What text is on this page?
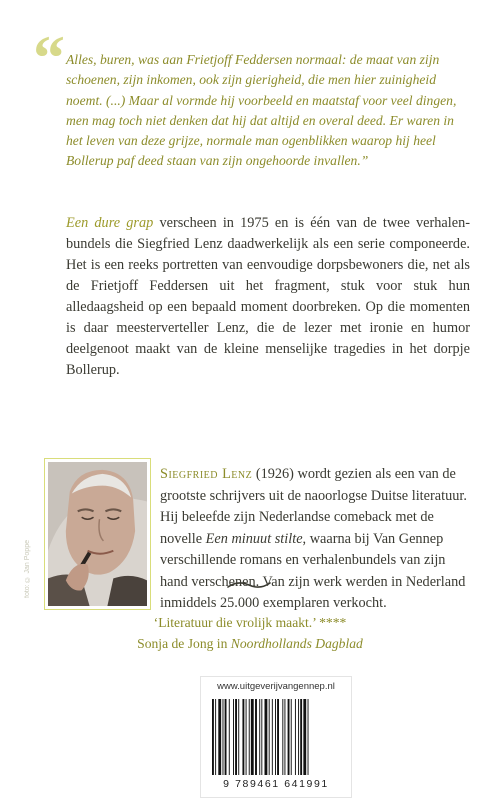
“ Alles, buren, was aan Frietjoff Feddersen normaal: de maat van zijn schoenen, zijn inkomen, ook zijn gierigheid, die men hier zuinigheid noemt. (...) Maar al vormde hij voorbeeld en maatstaf voor veel dingen, men mag toch niet denken dat hij dat altijd en overal deed. Er waren in het leven van deze grijze, normale man ogenblikken waarop hij heel Bollerup paf deed staan van zijn ongehoorde invallen.”

Een dure grap verscheen in 1975 en is één van de twee verhalenbundels die Siegfried Lenz daadwerkelijk als een serie componeerde. Het is een reeks portretten van eenvoudige dorpsbewoners die, net als de Frietjoff Feddersen uit het fragment, stuk voor stuk hun alledaagsheid op een bepaald moment doorbreken. Op die momenten is daar meesterverteller Lenz, die de lezer met ironie en humor deelgenoot maakt van de kleine menselijke tragedies in het dorpje Bollerup.

foto: © Jan Poppe

Siegfried Lenz (1926) wordt gezien als een van de grootste schrijvers uit de naoorlogse Duitse literatuur. Hij beleefde zijn Nederlandse comeback met de novelle Een minuut stilte, waarna bij Van Gennep verschillende romans en verhalenbundels van zijn hand verschenen. Van zijn werk werden in Nederland inmiddels 25.000 exemplaren verkocht.

‘Literatuur die vrolijk maakt.’ ****
Sonja de Jong in Noordhollands Dagblad
www.uitgeverijvangennep.nl
9 789461 641991
